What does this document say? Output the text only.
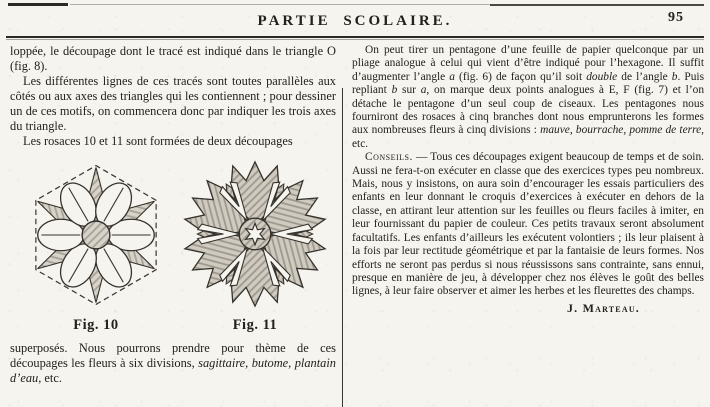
PARTIE SCOLAIRE.	95

loppée, le découpage dont le tracé est indiqué dans le triangle O (fig. 8).

Les différentes lignes de ces tracés sont toutes parallèles aux côtés ou aux axes des triangles qui les contiennent ; pour dessiner un de ces motifs, on commencera donc par indiquer les trois axes du triangle.

Les rosaces 10 et 11 sont formées de deux découpages

Fig. 10	Fig. 11

superposés. Nous pourrons prendre pour thème de ces découpages les fleurs à six divisions, sagittaire, butome, plantain d’eau, etc.

On peut tirer un pentagone d’une feuille de papier quelconque par un pliage analogue à celui qui vient d’être indiqué pour l’hexagone. Il suffit d’augmenter l’angle a (fig. 6) de façon qu’il soit double de l’angle b. Puis repliant b sur a, on marque deux points analogues à E, F (fig. 7) et l’on détache le pentagone d’un seul coup de ciseaux. Les pentagones nous fourniront des rosaces à cinq branches dont nous emprunterons les formes aux nombreuses fleurs à cinq divisions : mauve, bourrache, pomme de terre, etc.

Conseils. — Tous ces découpages exigent beaucoup de temps et de soin. Aussi ne fera-t-on exécuter en classe que des exercices types peu nombreux. Mais, nous y insistons, on aura soin d’encourager les essais particuliers des enfants en leur donnant le croquis d’exercices à exécuter en dehors de la classe, en attirant leur attention sur les feuilles ou fleurs faciles à imiter, en leur fournissant du papier de couleur. Ces petits travaux seront absolument facultatifs. Les enfants d’ailleurs les exécutent volontiers ; ils leur plaisent à la fois par leur rectitude géométrique et par la fantaisie de leurs formes. Nos efforts ne seront pas perdus si nous réussissons sans contrainte, sans ennui, presque en manière de jeu, à développer chez nos élèves le goût des belles lignes, à leur faire observer et aimer les herbes et les fleurettes des champs.

J. Marteau.
